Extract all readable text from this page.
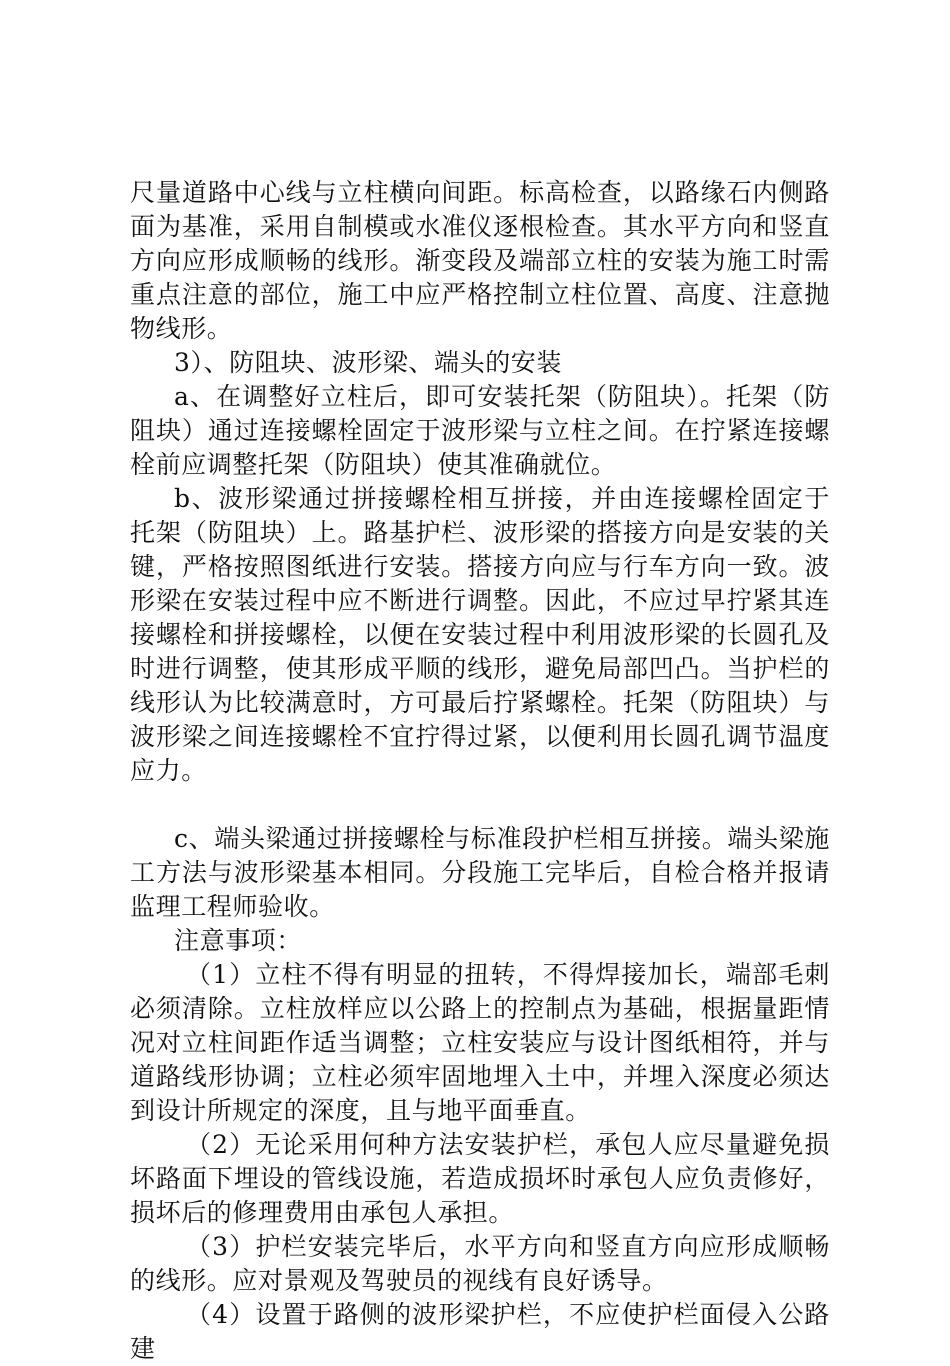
尺量道路中心线与立柱横向间距。标高检查，以路缘石内侧路面为基准，采用自制模或水准仪逐根检查。其水平方向和竖直方向应形成顺畅的线形。渐变段及端部立柱的安装为施工时需重点注意的部位，施工中应严格控制立柱位置、高度、注意抛物线形。

3）、防阻块、波形梁、端头的安装

a、在调整好立柱后，即可安装托架（防阻块）。托架（防阻块）通过连接螺栓固定于波形梁与立柱之间。在拧紧连接螺栓前应调整托架（防阻块）使其准确就位。

b、波形梁通过拼接螺栓相互拼接，并由连接螺栓固定于托架（防阻块）上。路基护栏、波形梁的搭接方向是安装的关键，严格按照图纸进行安装。搭接方向应与行车方向一致。波形梁在安装过程中应不断进行调整。因此，不应过早拧紧其连接螺栓和拼接螺栓，以便在安装过程中利用波形梁的长圆孔及时进行调整，使其形成平顺的线形，避免局部凹凸。当护栏的线形认为比较满意时，方可最后拧紧螺栓。托架（防阻块）与波形梁之间连接螺栓不宜拧得过紧，以便利用长圆孔调节温度应力。

c、端头梁通过拼接螺栓与标准段护栏相互拼接。端头梁施工方法与波形梁基本相同。分段施工完毕后，自检合格并报请监理工程师验收。

注意事项：

（1）立柱不得有明显的扭转，不得焊接加长，端部毛刺必须清除。立柱放样应以公路上的控制点为基础，根据量距情况对立柱间距作适当调整；立柱安装应与设计图纸相符，并与道路线形协调；立柱必须牢固地埋入土中，并埋入深度必须达到设计所规定的深度，且与地平面垂直。

（2）无论采用何种方法安装护栏，承包人应尽量避免损坏路面下埋设的管线设施，若造成损坏时承包人应负责修好，损坏后的修理费用由承包人承担。

（3）护栏安装完毕后，水平方向和竖直方向应形成顺畅的线形。应对景观及驾驶员的视线有良好诱导。

（4）设置于路侧的波形梁护栏，不应使护栏面侵入公路建
